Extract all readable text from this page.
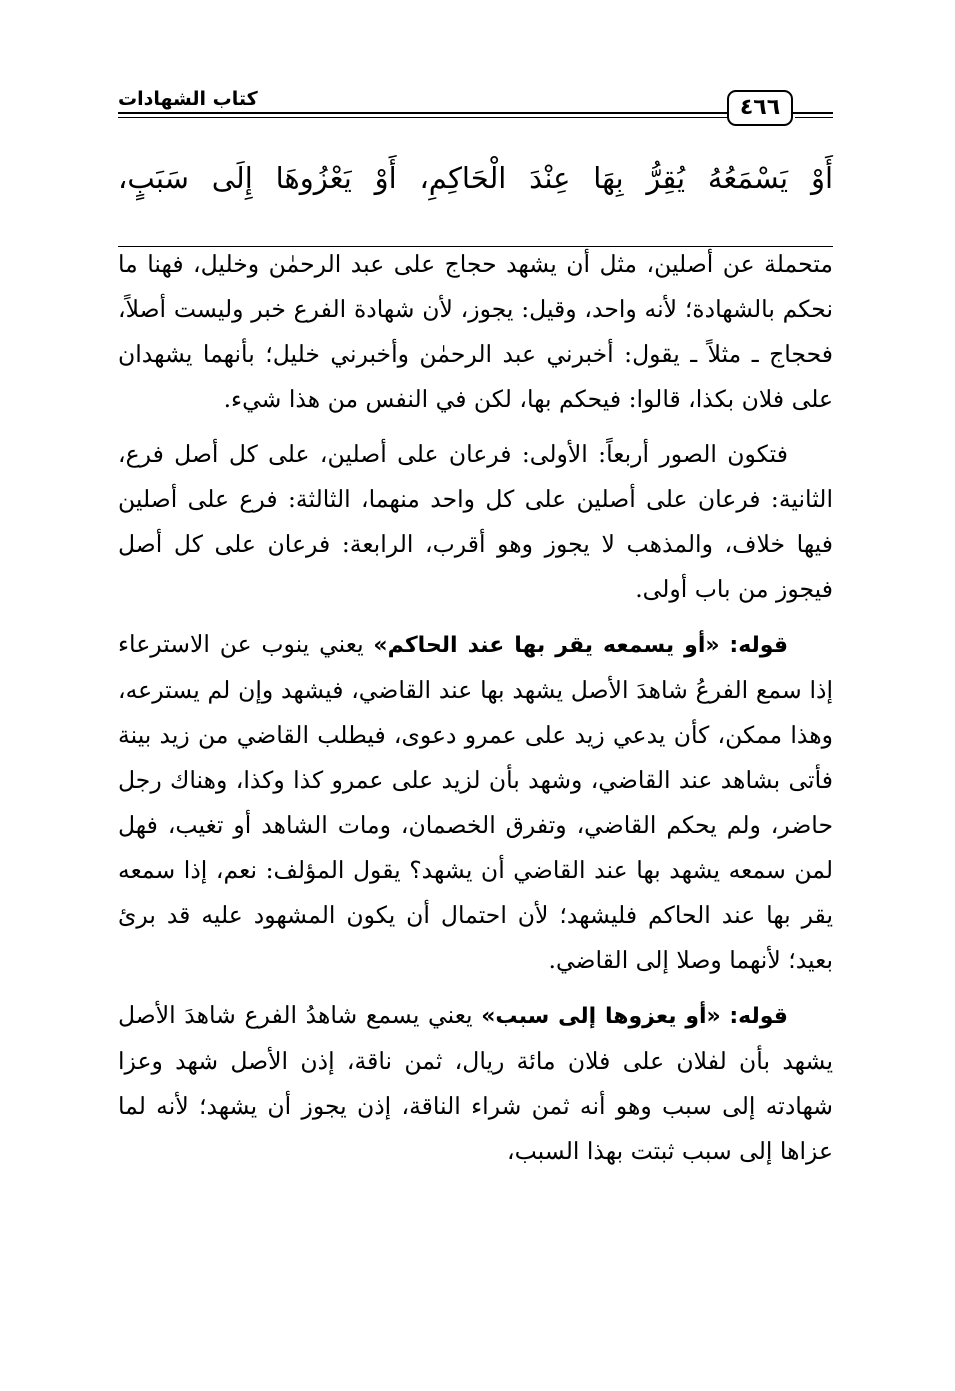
كتاب الشهادات	٤٦٦
أَوْ يَسْمَعُهُ يُقِرُّ بِهَا عِنْدَ الْحَاكِمِ، أَوْ يَعْزُوهَا إِلَى سَبَبٍ،

متحملة عن أصلين، مثل أن يشهد حجاج على عبد الرحمٰن وخليل، فهنا ما نحكم بالشهادة؛ لأنه واحد، وقيل: يجوز، لأن شهادة الفرع خبر وليست أصلاً، فحجاج ـ مثلاً ـ يقول: أخبرني عبد الرحمٰن وأخبرني خليل؛ بأنهما يشهدان على فلان بكذا، قالوا: فيحكم بها، لكن في النفس من هذا شيء.

فتكون الصور أربعاً: الأولى: فرعان على أصلين، على كل أصل فرع، الثانية: فرعان على أصلين على كل واحد منهما، الثالثة: فرع على أصلين فيها خلاف، والمذهب لا يجوز وهو أقرب، الرابعة: فرعان على كل أصل فيجوز من باب أولى.

قوله: «أو يسمعه يقر بها عند الحاكم» يعني ينوب عن الاسترعاء إذا سمع الفرعُ شاهدَ الأصل يشهد بها عند القاضي، فيشهد وإن لم يسترعه، وهذا ممكن، كأن يدعي زيد على عمرو دعوى، فيطلب القاضي من زيد بينة فأتى بشاهد عند القاضي، وشهد بأن لزيد على عمرو كذا وكذا، وهناك رجل حاضر، ولم يحكم القاضي، وتفرق الخصمان، ومات الشاهد أو تغيب، فهل لمن سمعه يشهد بها عند القاضي أن يشهد؟ يقول المؤلف: نعم، إذا سمعه يقر بها عند الحاكم فليشهد؛ لأن احتمال أن يكون المشهود عليه قد برئ بعيد؛ لأنهما وصلا إلى القاضي.

قوله: «أو يعزوها إلى سبب» يعني يسمع شاهدُ الفرع شاهدَ الأصل يشهد بأن لفلان على فلان مائة ريال، ثمن ناقة، إذن الأصل شهد وعزا شهادته إلى سبب وهو أنه ثمن شراء الناقة، إذن يجوز أن يشهد؛ لأنه لما عزاها إلى سبب ثبتت بهذا السبب،
